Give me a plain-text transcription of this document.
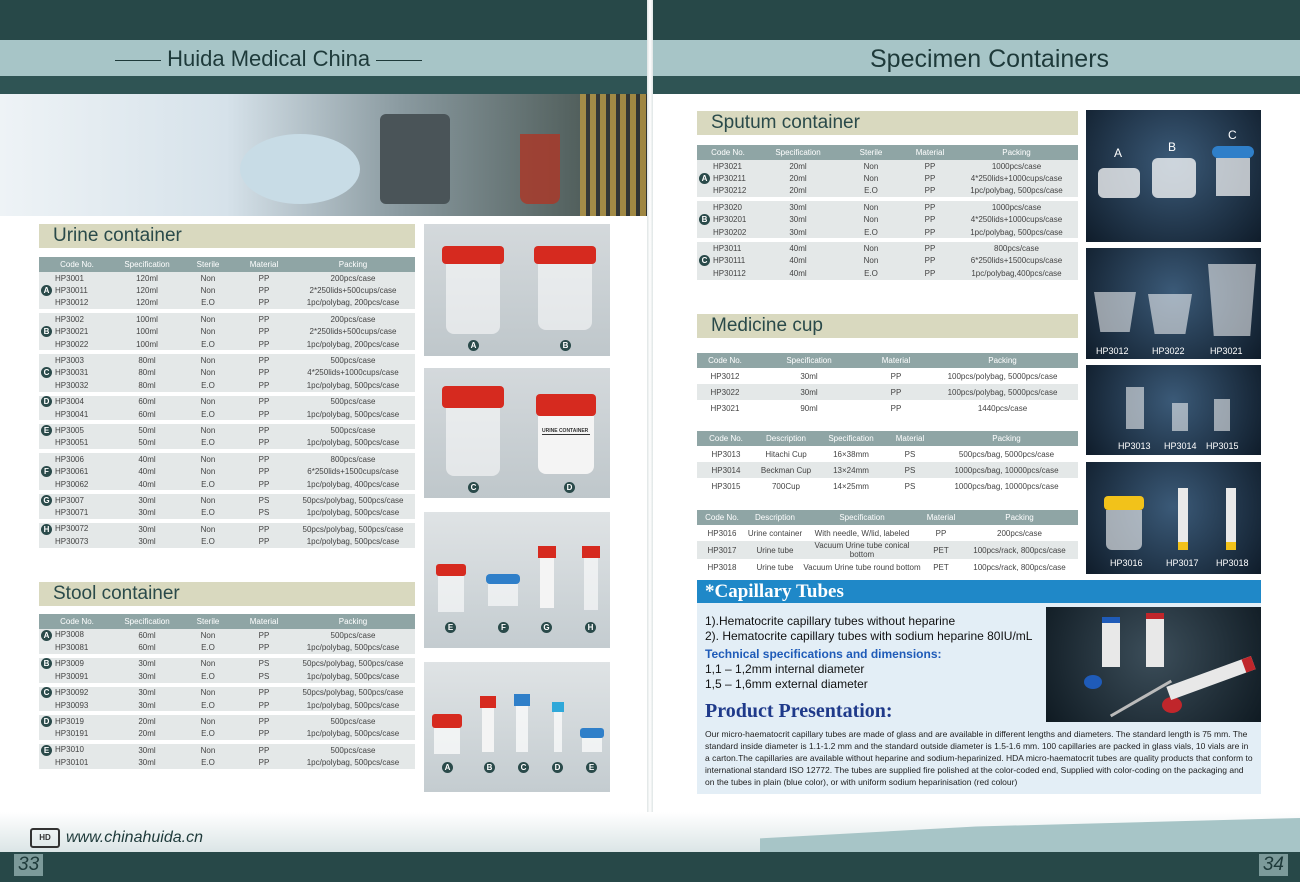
Huida Medical China	Specimen Containers
Urine container
Code No.	Specification	Sterile	Material	Packing
HP3001	120ml	Non	PP	200pcs/case
A HP30011	120ml	Non	PP	2*250lids+500cups/case
HP30012	120ml	E.O	PP	1pc/polybag, 200pcs/case

HP3002	100ml	Non	PP	200pcs/case
B HP30021	100ml	Non	PP	2*250lids+500cups/case
HP30022	100ml	E.O	PP	1pc/polybag, 200pcs/case

HP3003	80ml	Non	PP	500pcs/case
C HP30031	80ml	Non	PP	4*250lids+1000cups/case
HP30032	80ml	E.O	PP	1pc/polybag, 500pcs/case

D HP3004	60ml	Non	PP	500pcs/case
HP30041	60ml	E.O	PP	1pc/polybag, 500pcs/case

E HP3005	50ml	Non	PP	500pcs/case
HP30051	50ml	E.O	PP	1pc/polybag, 500pcs/case

HP3006	40ml	Non	PP	800pcs/case
F HP30061	40ml	Non	PP	6*250lids+1500cups/case
HP30062	40ml	E.O	PP	1pc/polybag, 400pcs/case

G HP3007	30ml	Non	PS	50pcs/polybag, 500pcs/case
HP30071	30ml	E.O	PS	1pc/polybag, 500pcs/case

H HP30072	30ml	Non	PP	50pcs/polybag, 500pcs/case
HP30073	30ml	E.O	PP	1pc/polybag, 500pcs/case
Stool container
Code No.	Specification	Sterile	Material	Packing
A HP3008	60ml	Non	PP	500pcs/case
HP30081	60ml	E.O	PP	1pc/polybag, 500pcs/case

B HP3009	30ml	Non	PS	50pcs/polybag, 500pcs/case
HP30091	30ml	E.O	PS	1pc/polybag, 500pcs/case

C HP30092	30ml	Non	PP	50pcs/polybag, 500pcs/case
HP30093	30ml	E.O	PP	1pc/polybag, 500pcs/case

D HP3019	20ml	Non	PP	500pcs/case
HP30191	20ml	E.O	PP	1pc/polybag, 500pcs/case

E HP3010	30ml	Non	PP	500pcs/case
HP30101	30ml	E.O	PP	1pc/polybag, 500pcs/case
A	B
URINE CONTAINER
C	D
E	F	G	H
A	B	C	D	E
Sputum container
Code No.	Specification	Sterile	Material	Packing
HP3021	20ml	Non	PP	1000pcs/case
A HP30211	20ml	Non	PP	4*250lids+1000cups/case
HP30212	20ml	E.O	PP	1pc/polybag, 500pcs/case

HP3020	30ml	Non	PP	1000pcs/case
B HP30201	30ml	Non	PP	4*250lids+1000cups/case
HP30202	30ml	E.O	PP	1pc/polybag, 500pcs/case

HP3011	40ml	Non	PP	800pcs/case
C HP30111	40ml	Non	PP	6*250lids+1500cups/case
HP30112	40ml	E.O	PP	1pc/polybag,400pcs/case
Medicine cup
Code No.	Specification	Material	Packing
HP3012	30ml	PP	100pcs/polybag, 5000pcs/case
HP3022	30ml	PP	100pcs/polybag, 5000pcs/case
HP3021	90ml	PP	1440pcs/case
Code No.	Description	Specification	Material	Packing
HP3013	Hitachi Cup	16×38mm	PS	500pcs/bag, 5000pcs/case
HP3014	Beckman Cup	13×24mm	PS	1000pcs/bag, 10000pcs/case
HP3015	700Cup	14×25mm	PS	1000pcs/bag, 10000pcs/case
Code No.	Description	Specification	Material	Packing
HP3016	Urine container	With needle, W/lid, labeled	PP	200pcs/case
HP3017	Urine tube	Vacuum Urine tube conical bottom	PET	100pcs/rack, 800pcs/case
HP3018	Urine tube	Vacuum Urine tube round bottom	PET	100pcs/rack, 800pcs/case
A	B
C
HP3012	HP3022	HP3021
HP3013 HP3014 HP3015
HP3016	HP3017 HP3018
*Capillary Tubes
1).Hematocrite capillary tubes without heparine
2). Hematocrite capillary tubes with sodium heparine 80IU/mL
Technical specifications and dimensions:
1,1 – 1,2mm internal diameter
1,5 – 1,6mm external diameter
Product Presentation:
Our micro-haematocrit capillary tubes are made of glass and are available in different lengths and diameters. The standard length is 75 mm. The standard inside diameter is 1.1-1.2 mm and the standard outside diameter is 1.5-1.6 mm. 100 capillaries are packed in glass vials, 10 vials are in a carton.The capillaries are available without heparine and sodium-heparinized. HDA micro-haematocrit tubes are quality products that conform to international standard ISO 12772. The tubes are supplied fire polished at the color-coded end, Supplied with color-coding on the packaging and on the tubes in plain (blue color), or with uniform sodium heparinisation (red colour)
HD www.chinahuida.cn
33	34
